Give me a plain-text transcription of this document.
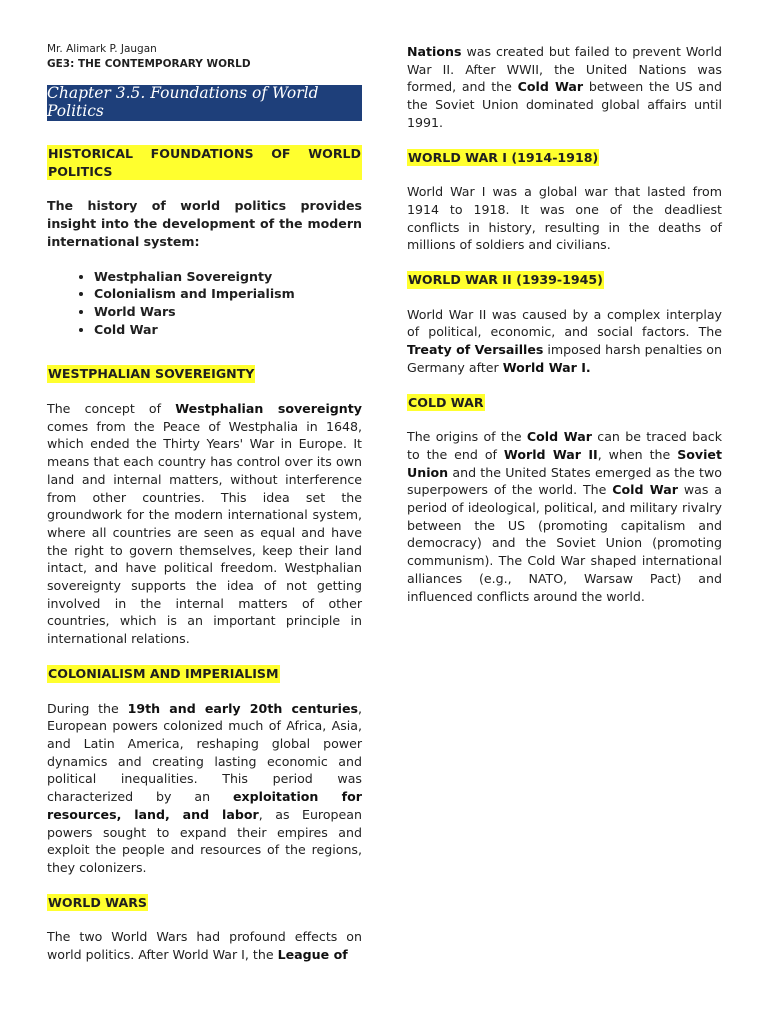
Mr. Alimark P. Jaugan

GE3: THE CONTEMPORARY WORLD

Chapter 3.5. Foundations of World Politics
HISTORICAL FOUNDATIONS OF WORLD POLITICS

The history of world politics provides insight into the development of the modern international system:

• Westphalian Sovereignty
• Colonialism and Imperialism
• World Wars
• Cold War
WESTPHALIAN SOVEREIGNTY

The concept of Westphalian sovereignty comes from the Peace of Westphalia in 1648, which ended the Thirty Years' War in Europe. It means that each country has control over its own land and internal matters, without interference from other countries. This idea set the groundwork for the modern international system, where all countries are seen as equal and have the right to govern themselves, keep their land intact, and have political freedom. Westphalian sovereignty supports the idea of not getting involved in the internal matters of other countries, which is an important principle in international relations.

COLONIALISM AND IMPERIALISM

During the 19th and early 20th centuries, European powers colonized much of Africa, Asia, and Latin America, reshaping global power dynamics and creating lasting economic and political inequalities. This period was characterized by an exploitation for resources, land, and labor, as European powers sought to expand their empires and exploit the people and resources of the regions, they colonizers.

WORLD WARS

The two World Wars had profound effects on world politics. After World War I, the League of

Nations was created but failed to prevent World War II. After WWII, the United Nations was formed, and the Cold War between the US and the Soviet Union dominated global affairs until 1991.

WORLD WAR I (1914-1918)

World War I was a global war that lasted from 1914 to 1918. It was one of the deadliest conflicts in history, resulting in the deaths of millions of soldiers and civilians.

WORLD WAR II (1939-1945)

World War II was caused by a complex interplay of political, economic, and social factors. The Treaty of Versailles imposed harsh penalties on Germany after World War I.

COLD WAR

The origins of the Cold War can be traced back to the end of World War II, when the Soviet Union and the United States emerged as the two superpowers of the world. The Cold War was a period of ideological, political, and military rivalry between the US (promoting capitalism and democracy) and the Soviet Union (promoting communism). The Cold War shaped international alliances (e.g., NATO, Warsaw Pact) and influenced conflicts around the world.
